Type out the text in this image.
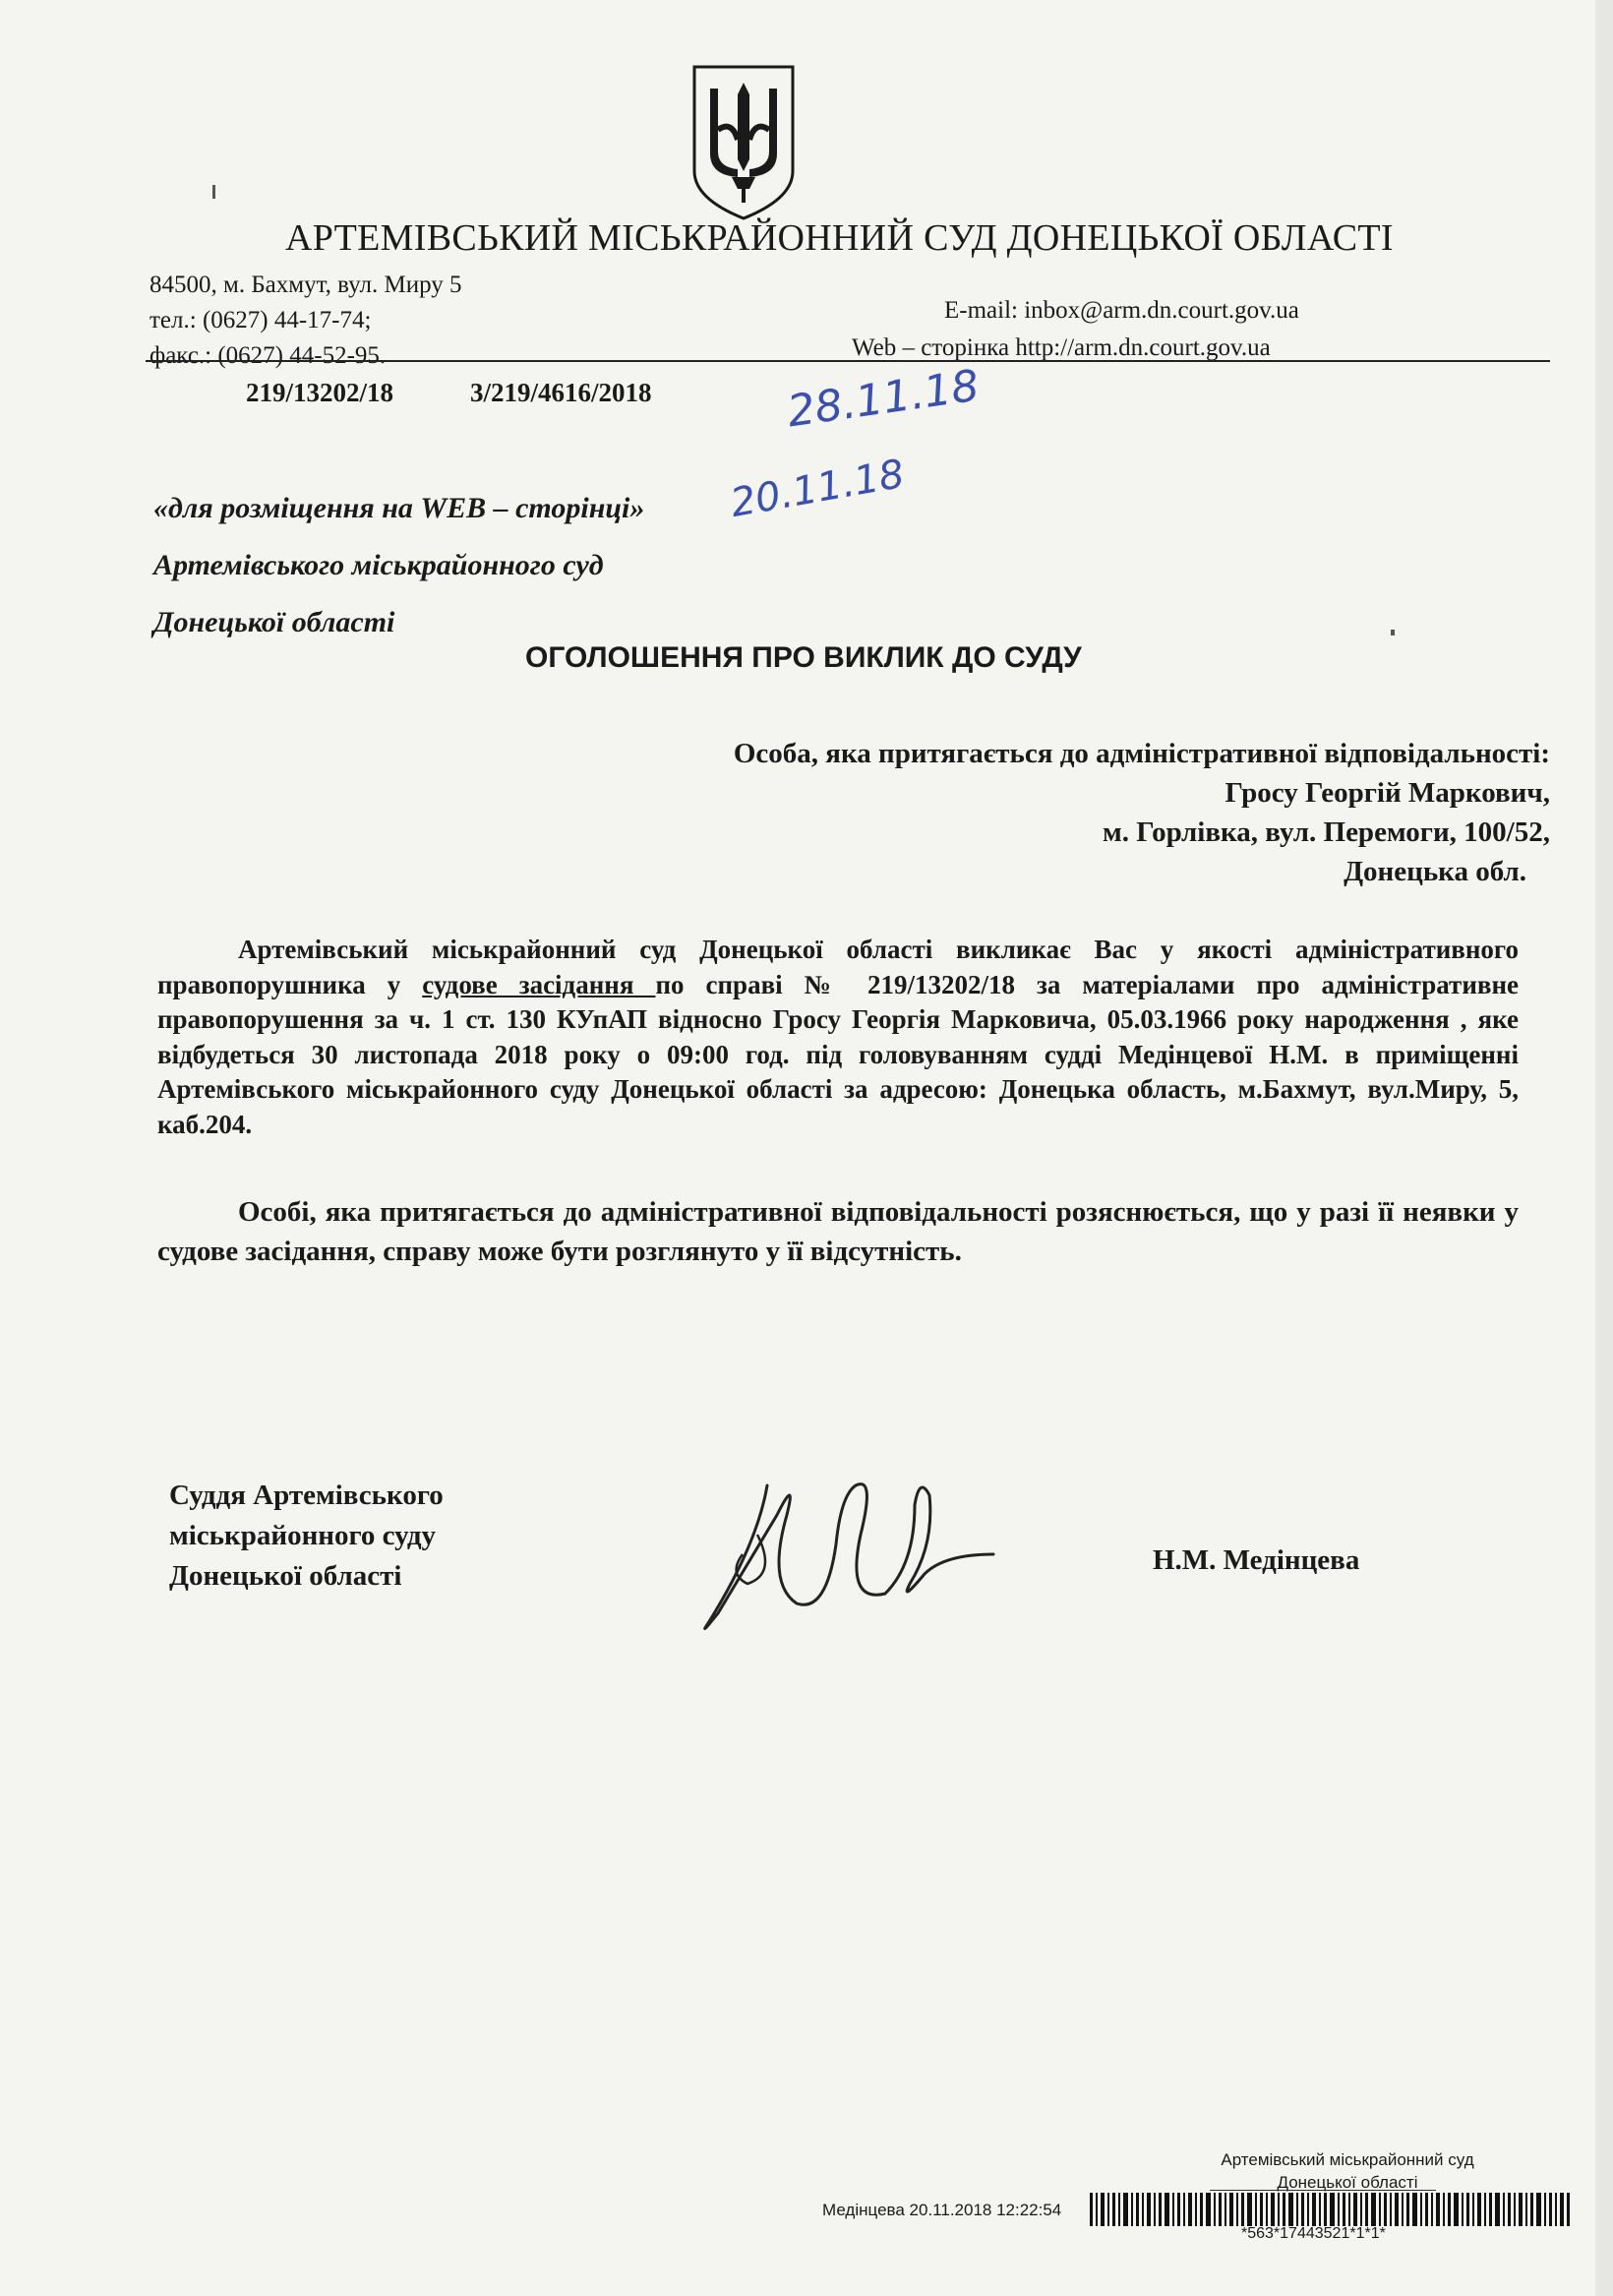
АРТЕМІВСЬКИЙ МІСЬКРАЙОННИЙ СУД ДОНЕЦЬКОЇ ОБЛАСТІ
84500, м. Бахмут, вул. Миру 5
тел.: (0627) 44-17-74;
факс.: (0627) 44-52-95.
E-mail: inbox@arm.dn.court.gov.ua
Web – сторінка http://arm.dn.court.gov.ua
219/13202/18	3/219/4616/2018	28.11.18
20.11.18
«для розміщення на WEB – сторінці»
Артемівського міськрайонного суд
Донецької області
ОГОЛОШЕННЯ ПРО ВИКЛИК ДО СУДУ
Особа, яка притягається до адміністративної відповідальності:
Гросу Георгій Маркович,
м. Горлівка, вул. Перемоги, 100/52,
Донецька обл.
Артемівський міськрайонний суд Донецької області викликає Вас у якості адміністративного правопорушника у судове засідання по справі № 219/13202/18 за матеріалами про адміністративне правопорушення за ч. 1 ст. 130 КУпАП відносно Гросу Георгія Марковича, 05.03.1966 року народження , яке відбудеться 30 листопада 2018 року о 09:00 год. під головуванням судді Медінцевої Н.М. в приміщенні Артемівського міськрайонного суду Донецької області за адресою: Донецька область, м.Бахмут, вул.Миру, 5, каб.204.
Особі, яка притягається до адміністративної відповідальності розяснюється, що у разі її неявки у судове засідання, справу може бути розглянуто у її відсутність.
Суддя Артемівського
міськрайонного суду
Донецької області	Н.М. Медінцева
Артемівський міськрайонний суд
Донецької області
Медінцева 20.11.2018 12:22:54
*563*17443521*1*1*
